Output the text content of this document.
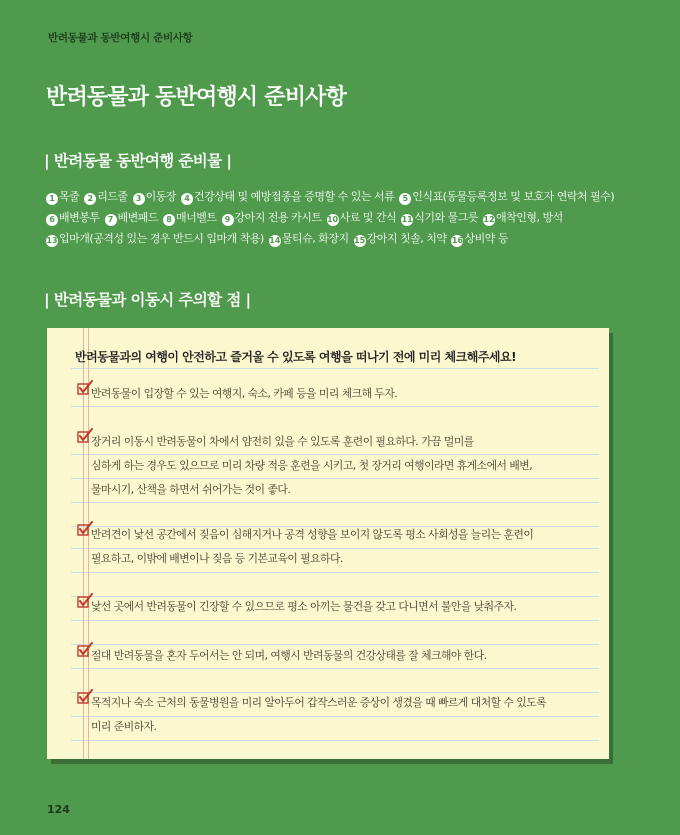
반려동물과 동반여행시 준비사항
반려동물과 동반여행시 준비사항
| 반려동물 동반여행 준비물 |
1 목줄 2 리드줄 3 이동장 4 건강상태 및 예방접종을 증명할 수 있는 서류 5 인식표(동물등록정보 및 보호자 연락처 필수)
6 배변봉투 7 배변패드 8 매너벨트 9 강아지 전용 카시트 10사료 및 간식 11식기와 물그릇 12애착인형, 방석
13입마개(공격성 있는 경우 반드시 입마개 착용) 14물티슈, 화장지 15강아지 칫솔, 치약 16상비약 등
| 반려동물과 이동시 주의할 점 |
반려동물과의 여행이 안전하고 즐거울 수 있도록 여행을 떠나기 전에 미리 체크해주세요!
반려동물이 입장할 수 있는 여행지, 숙소, 카페 등을 미리 체크해 두자.
장거리 이동시 반려동물이 차에서 얌전히 있을 수 있도록 훈련이 필요하다. 가끔 멀미를
심하게 하는 경우도 있으므로 미리 차량 적응 훈련을 시키고, 첫 장거리 여행이라면 휴게소에서 배변,
물마시기, 산책을 하면서 쉬어가는 것이 좋다.
반려견이 낯선 공간에서 짖음이 심해지거나 공격 성향을 보이지 않도록 평소 사회성을 늘리는 훈련이
필요하고, 이밖에 배변이나 짖음 등 기본교육이 필요하다.
낯선 곳에서 반려동물이 긴장할 수 있으므로 평소 아끼는 물건을 갖고 다니면서 불안을 낮춰주자.
절대 반려동물을 혼자 두어서는 안 되며, 여행시 반려동물의 건강상태를 잘 체크해야 한다.
목적지나 숙소 근처의 동물병원을 미리 알아두어 갑작스러운 증상이 생겼을 때 빠르게 대처할 수 있도록
미리 준비하자.
124
